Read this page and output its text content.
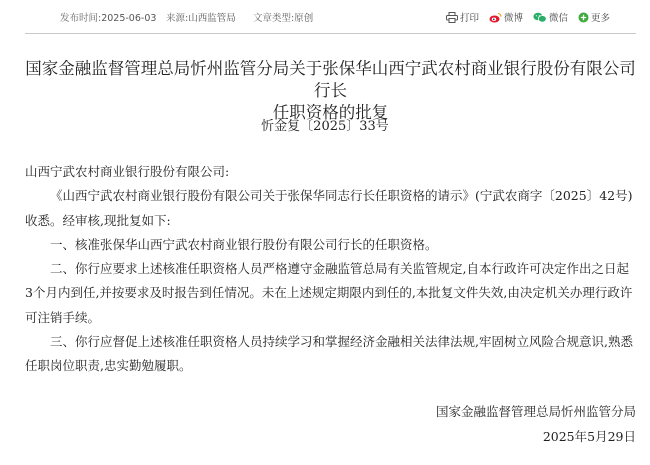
发布时间:2025-06-03 来源:山西监管局 文章类型:原创	打印	微博	微信 更多
国家金融监督管理总局忻州监管分局关于张保华山西宁武农村商业银行股份有限公司行长
任职资格的批复
忻金复〔2025〕33号

山西宁武农村商业银行股份有限公司:

《山西宁武农村商业银行股份有限公司关于张保华同志行长任职资格的请示》(宁武农商字〔2025〕42号)收悉。经审核,现批复如下:

一、核准张保华山西宁武农村商业银行股份有限公司行长的任职资格。

二、你行应要求上述核准任职资格人员严格遵守金融监管总局有关监管规定,自本行政许可决定作出之日起3个月内到任,并按要求及时报告到任情况。未在上述规定期限内到任的,本批复文件失效,由决定机关办理行政许可注销手续。

三、你行应督促上述核准任职资格人员持续学习和掌握经济金融相关法律法规,牢固树立风险合规意识,熟悉任职岗位职责,忠实勤勉履职。

国家金融监督管理总局忻州监管分局
2025年5月29日
